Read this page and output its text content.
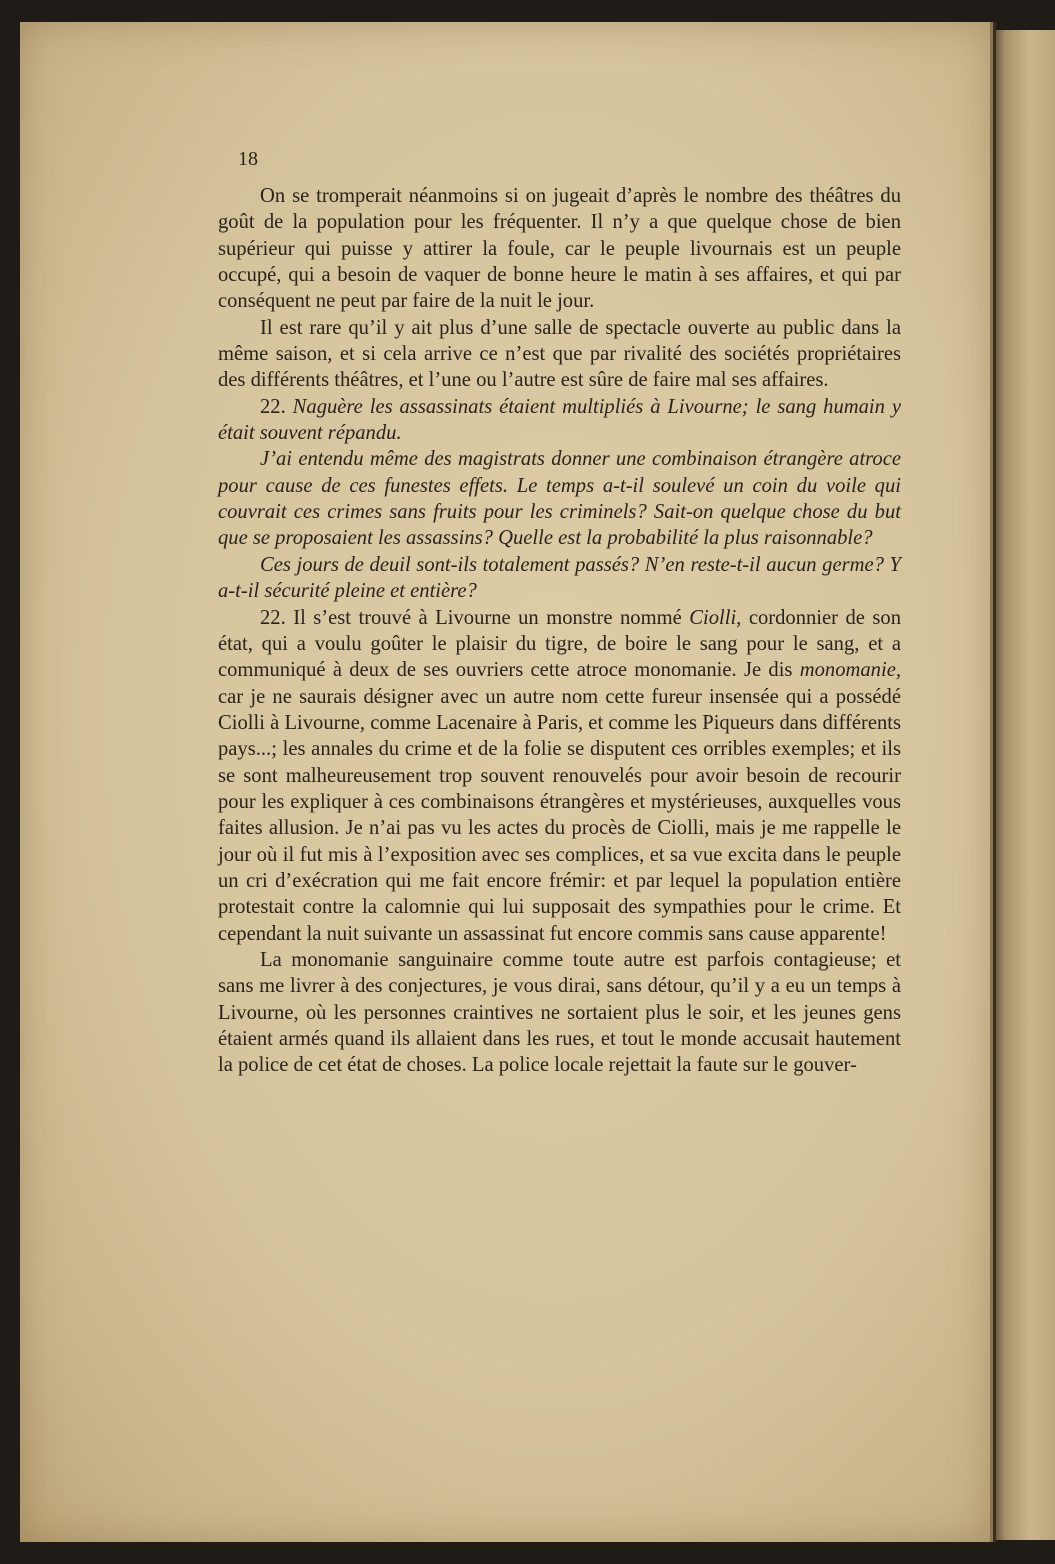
18

On se tromperait néanmoins si on jugeait d’après le nombre des théâtres du goût de la population pour les fréquenter. Il n’y a que quelque chose de bien supérieur qui puisse y attirer la foule, car le peuple livournais est un peuple occupé, qui a besoin de vaquer de bonne heure le matin à ses affaires, et qui par conséquent ne peut par faire de la nuit le jour.

Il est rare qu’il y ait plus d’une salle de spectacle ouverte au public dans la même saison, et si cela arrive ce n’est que par rivalité des sociétés propriétaires des différents théâtres, et l’une ou l’autre est sûre de faire mal ses affaires.

22. Naguère les assassinats étaient multipliés à Livourne; le sang humain y était souvent répandu.

J’ai entendu même des magistrats donner une combinaison étrangère atroce pour cause de ces funestes effets. Le temps a-t-il soulevé un coin du voile qui couvrait ces crimes sans fruits pour les criminels? Sait-on quelque chose du but que se proposaient les assassins? Quelle est la probabilité la plus raisonnable?

Ces jours de deuil sont-ils totalement passés? N’en reste-t-il aucun germe? Y a-t-il sécurité pleine et entière?

22. Il s’est trouvé à Livourne un monstre nommé Ciolli, cordonnier de son état, qui a voulu goûter le plaisir du tigre, de boire le sang pour le sang, et a communiqué à deux de ses ouvriers cette atroce monomanie. Je dis monomanie, car je ne saurais désigner avec un autre nom cette fureur insensée qui a possédé Ciolli à Livourne, comme Lacenaire à Paris, et comme les Piqueurs dans différents pays...; les annales du crime et de la folie se disputent ces orribles exemples; et ils se sont malheureusement trop souvent renouvelés pour avoir besoin de recourir pour les expliquer à ces combinaisons étrangères et mystérieuses, auxquelles vous faites allusion. Je n’ai pas vu les actes du procès de Ciolli, mais je me rappelle le jour où il fut mis à l’exposition avec ses complices, et sa vue excita dans le peuple un cri d’exécration qui me fait encore frémir: et par lequel la population entière protestait contre la calomnie qui lui supposait des sympathies pour le crime. Et cependant la nuit suivante un assassinat fut encore commis sans cause apparente!

La monomanie sanguinaire comme toute autre est parfois contagieuse; et sans me livrer à des conjectures, je vous dirai, sans détour, qu’il y a eu un temps à Livourne, où les personnes craintives ne sortaient plus le soir, et les jeunes gens étaient armés quand ils allaient dans les rues, et tout le monde accusait hautement la police de cet état de choses. La police locale rejettait la faute sur le gouver-
